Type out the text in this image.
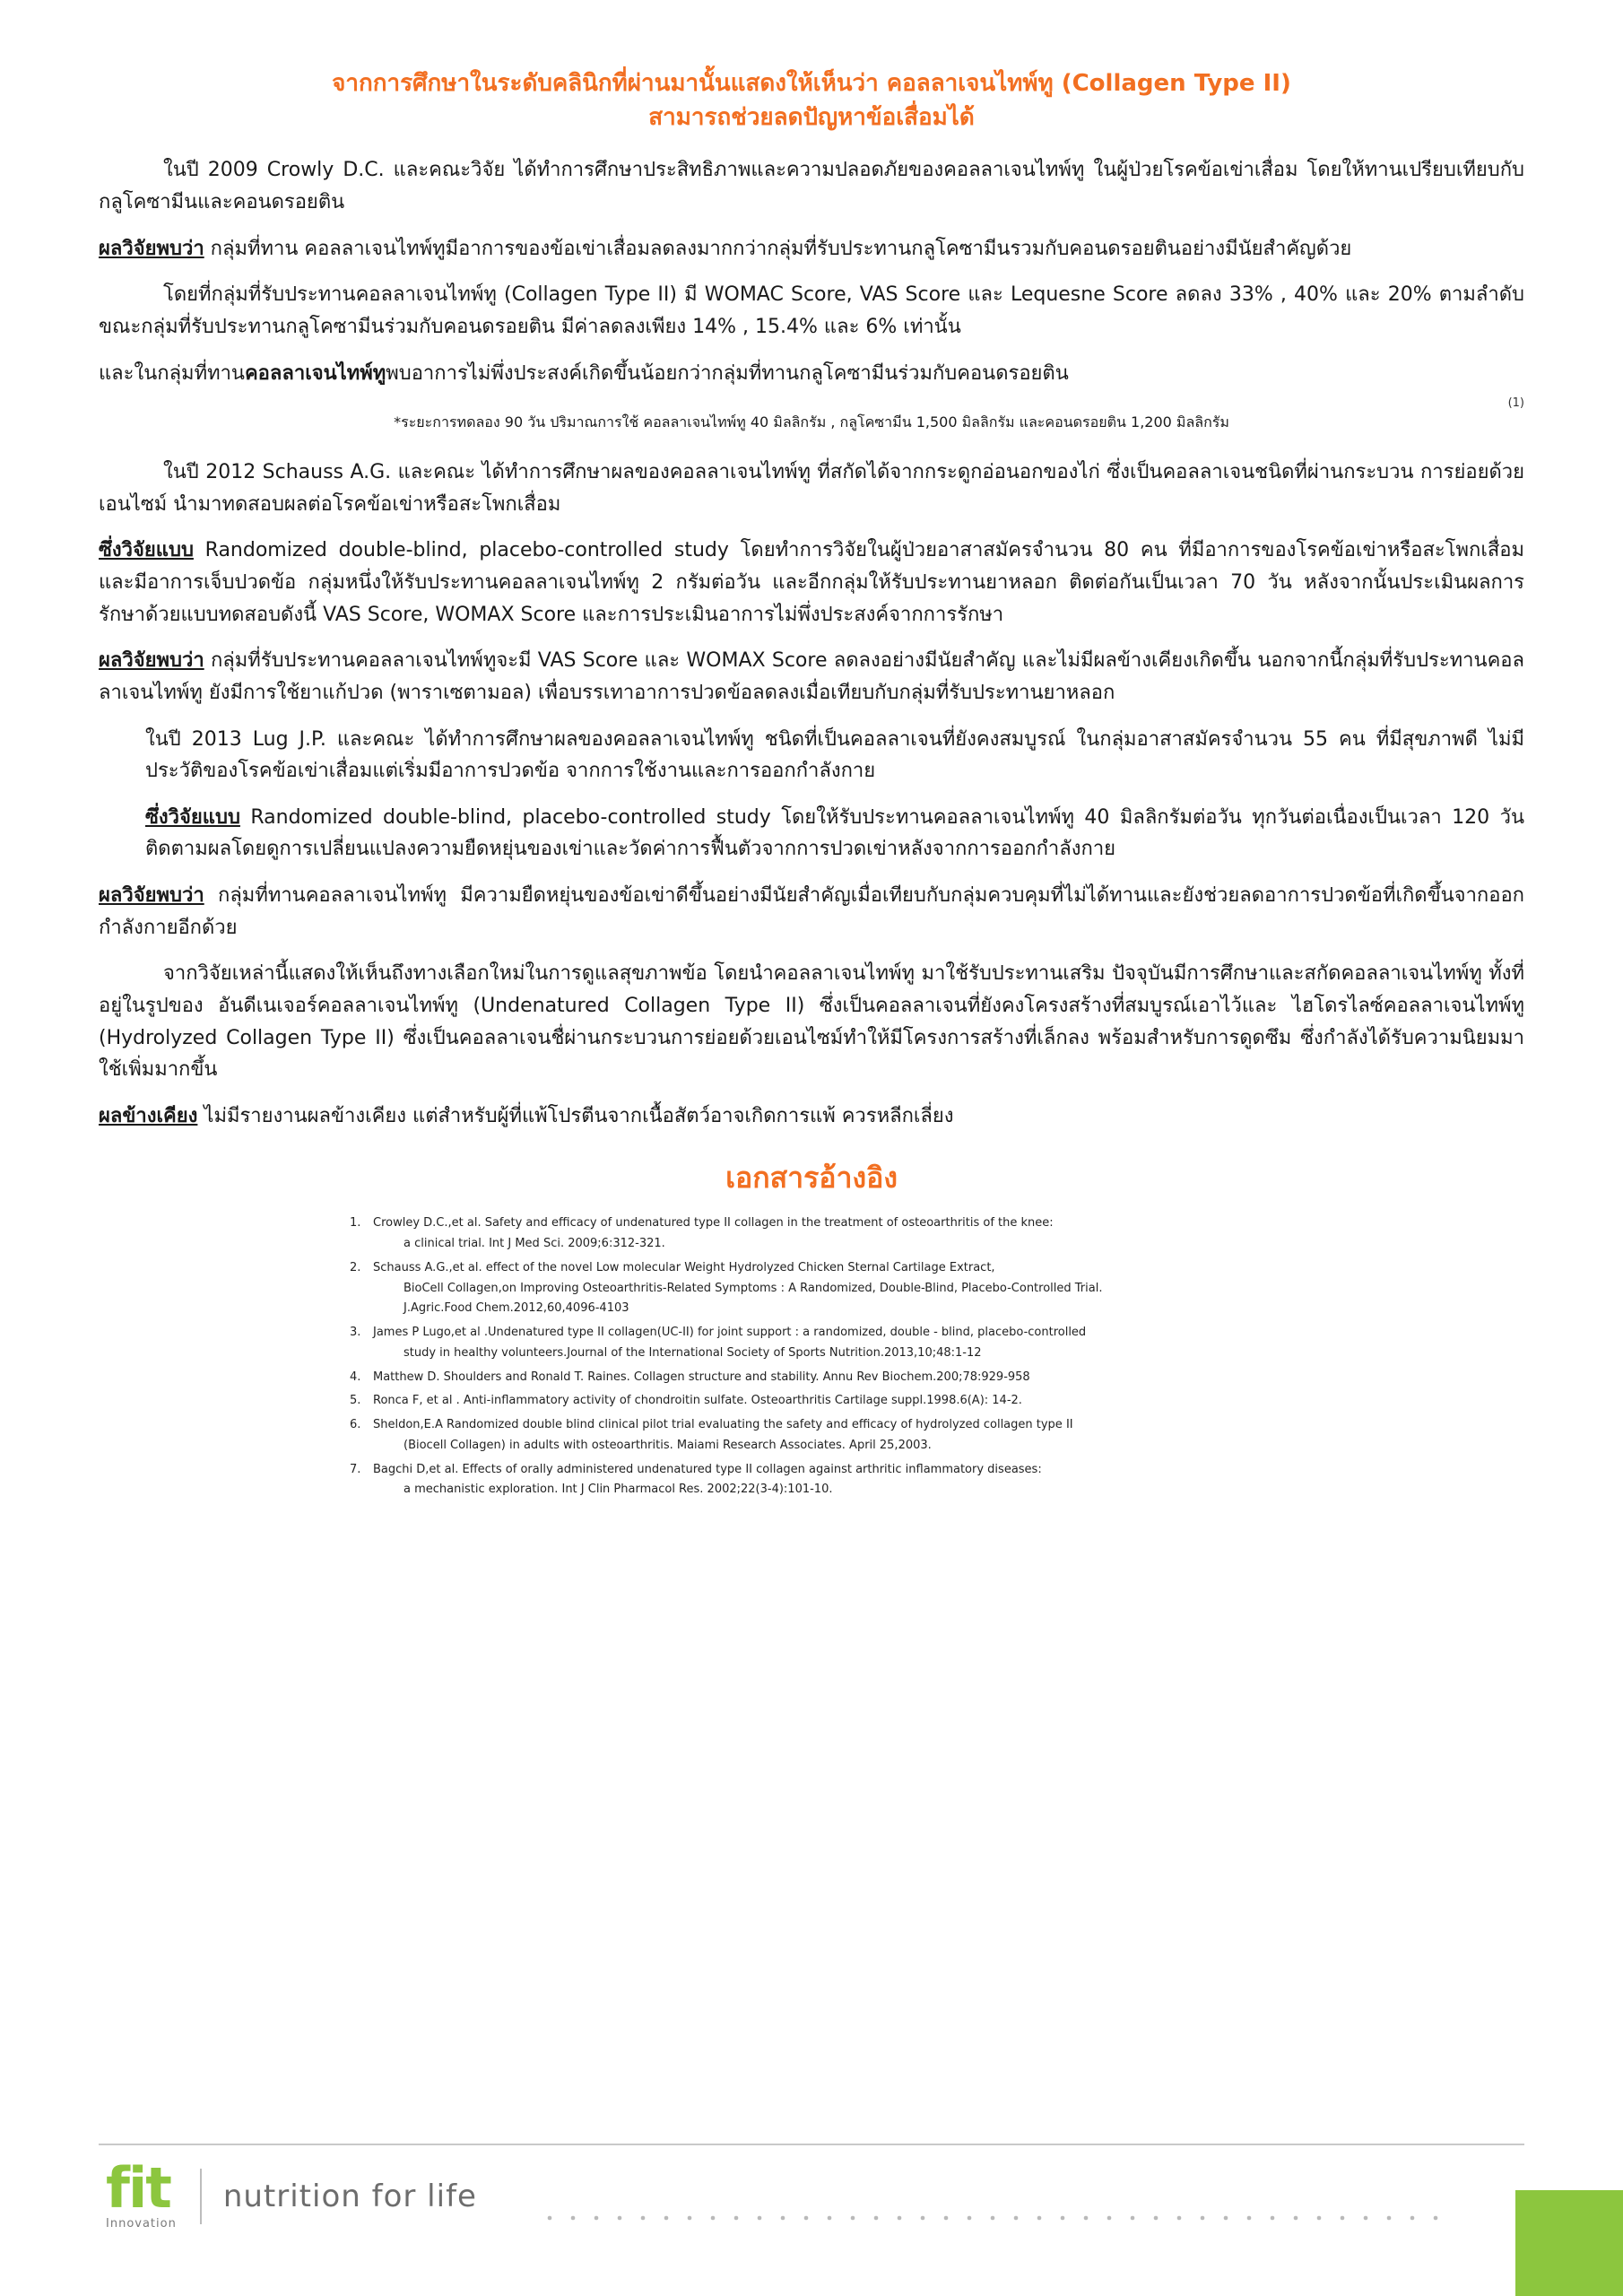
จากการศึกษาในระดับคลินิกที่ผ่านมานั้นแสดงให้เห็นว่า คอลลาเจนไทพ์ทู (Collagen Type II)
สามารถช่วยลดปัญหาข้อเสื่อมได้

ในปี 2009 Crowly D.C. และคณะวิจัย ได้ทำการศึกษาประสิทธิภาพและความปลอดภัยของคอลลาเจนไทพ์ทู ในผู้ป่วยโรคข้อเข่าเสื่อม โดยให้ทานเปรียบเทียบกับ กลูโคซามีนและคอนดรอยติน

ผลวิจัยพบว่า กลุ่มที่ทาน คอลลาเจนไทพ์ทูมีอาการของข้อเข่าเสื่อมลดลงมากกว่ากลุ่มที่รับประทานกลูโคซามีนรวมกับคอนดรอยตินอย่างมีนัยสำคัญด้วย

โดยที่กลุ่มที่รับประทานคอลลาเจนไทพ์ทู (Collagen Type II) มี WOMAC Score, VAS Score และ Lequesne Score ลดลง 33% , 40% และ 20% ตามลำดับ ขณะกลุ่มที่รับประทานกลูโคซามีนร่วมกับคอนดรอยติน มีค่าลดลงเพียง 14% , 15.4% และ 6% เท่านั้น

และในกลุ่มที่ทานคอลลาเจนไทพ์ทูพบอาการไม่พึ่งประสงค์เกิดขึ้นน้อยกว่ากลุ่มที่ทานกลูโคซามีนร่วมกับคอนดรอยติน

(1)
*ระยะการทดลอง 90 วัน ปริมาณการใช้ คอลลาเจนไทพ์ทู 40 มิลลิกรัม , กลูโคซามีน 1,500 มิลลิกรัม และคอนดรอยติน 1,200 มิลลิกรัม

ในปี 2012 Schauss A.G. และคณะ ได้ทำการศึกษาผลของคอลลาเจนไทพ์ทู ที่สกัดได้จากกระดูกอ่อนอกของไก่ ซึ่งเป็นคอลลาเจนชนิดที่ผ่านกระบวน การย่อยด้วยเอนไซม์ นำมาทดสอบผลต่อโรคข้อเข่าหรือสะโพกเสื่อม

ซึ่งวิจัยแบบ Randomized double-blind, placebo-controlled study โดยทำการวิจัยในผู้ป่วยอาสาสมัครจำนวน 80 คน ที่มีอาการของโรคข้อเข่าหรือสะโพกเสื่อม และมีอาการเจ็บปวดข้อ กลุ่มหนึ่งให้รับประทานคอลลาเจนไทพ์ทู 2 กรัมต่อวัน และอีกกลุ่มให้รับประทานยาหลอก ติดต่อกันเป็นเวลา 70 วัน หลังจากนั้นประเมินผลการรักษาด้วยแบบทดสอบดังนี้ VAS Score, WOMAX Score และการประเมินอาการไม่พึ่งประสงค์จากการรักษา

ผลวิจัยพบว่า กลุ่มที่รับประทานคอลลาเจนไทพ์ทูจะมี VAS Score และ WOMAX Score ลดลงอย่างมีนัยสำคัญ และไม่มีผลข้างเคียงเกิดขึ้น นอกจากนี้กลุ่มที่รับประทานคอลลาเจนไทพ์ทู ยังมีการใช้ยาแก้ปวด (พาราเซตามอล) เพื่อบรรเทาอาการปวดข้อลดลงเมื่อเทียบกับกลุ่มที่รับประทานยาหลอก

ในปี 2013 Lug J.P. และคณะ ได้ทำการศึกษาผลของคอลลาเจนไทพ์ทู ชนิดที่เป็นคอลลาเจนที่ยังคงสมบูรณ์ ในกลุ่มอาสาสมัครจำนวน 55 คน ที่มีสุขภาพดี ไม่มีประวัติของโรคข้อเข่าเสื่อมแต่เริ่มมีอาการปวดข้อ จากการใช้งานและการออกกำลังกาย

ซึ่งวิจัยแบบ Randomized double-blind, placebo-controlled study โดยให้รับประทานคอลลาเจนไทพ์ทู 40 มิลลิกรัมต่อวัน ทุกวันต่อเนื่องเป็นเวลา 120 วัน ติดตามผลโดยดูการเปลี่ยนแปลงความยืดหยุ่นของเข่าและวัดค่าการฟื้นตัวจากการปวดเข่าหลังจากการออกกำลังกาย

ผลวิจัยพบว่า กลุ่มที่ทานคอลลาเจนไทพ์ทู มีความยืดหยุ่นของข้อเข่าดีขึ้นอย่างมีนัยสำคัญเมื่อเทียบกับกลุ่มควบคุมที่ไม่ได้ทานและยังช่วยลดอาการปวดข้อที่เกิดขึ้นจากออกกำลังกายอีกด้วย

จากวิจัยเหล่านี้แสดงให้เห็นถึงทางเลือกใหม่ในการดูแลสุขภาพข้อ โดยนำคอลลาเจนไทพ์ทู มาใช้รับประทานเสริม ปัจจุบันมีการศึกษาและสกัดคอลลาเจนไทพ์ทู ทั้งที่อยู่ในรูปของ อันดีเนเจอร์คอลลาเจนไทพ์ทู (Undenatured Collagen Type II) ซึ่งเป็นคอลลาเจนที่ยังคงโครงสร้างที่สมบูรณ์เอาไว้และ ไฮโดรไลซ์คอลลาเจนไทพ์ทู (Hydrolyzed Collagen Type II) ซึ่งเป็นคอลลาเจนชื่ผ่านกระบวนการย่อยด้วยเอนไซม์ทำให้มีโครงการสร้างที่เล็กลง พร้อมสำหรับการดูดซึม ซึ่งกำลังได้รับความนิยมมาใช้เพิ่มมากขึ้น

ผลข้างเคียง ไม่มีรายงานผลข้างเคียง แต่สำหรับผู้ที่แพ้โปรตีนจากเนื้อสัตว์อาจเกิดการแพ้ ควรหลีกเลี่ยง

เอกสารอ้างอิง
Crowley D.C.,et al. Safety and efficacy of undenatured type II collagen in the treatment of osteoarthritis of the knee:
a clinical trial. Int J Med Sci. 2009;6:312-321.
Schauss A.G.,et al. effect of the novel Low molecular Weight Hydrolyzed Chicken Sternal Cartilage Extract,
BioCell Collagen,on Improving Osteoarthritis-Related Symptoms : A Randomized, Double-Blind, Placebo-Controlled Trial.
J.Agric.Food Chem.2012,60,4096-4103
James P Lugo,et al .Undenatured type II collagen(UC-II) for joint support : a randomized, double - blind, placebo-controlled
study in healthy volunteers.Journal of the International Society of Sports Nutrition.2013,10;48:1-12
Matthew D. Shoulders and Ronald T. Raines. Collagen structure and stability. Annu Rev Biochem.200;78:929-958
Ronca F, et al . Anti-inflammatory activity of chondroitin sulfate. Osteoarthritis Cartilage suppl.1998.6(A): 14-2.
Sheldon,E.A Randomized double blind clinical pilot trial evaluating the safety and efficacy of hydrolyzed collagen type II
(Biocell Collagen) in adults with osteoarthritis. Maiami Research Associates. April 25,2003.
Bagchi D,et al. Effects of orally administered undenatured type II collagen against arthritic inflammatory diseases:
a mechanistic exploration. Int J Clin Pharmacol Res. 2002;22(3-4):101-10.
fit
Innovation
nutrition for life
